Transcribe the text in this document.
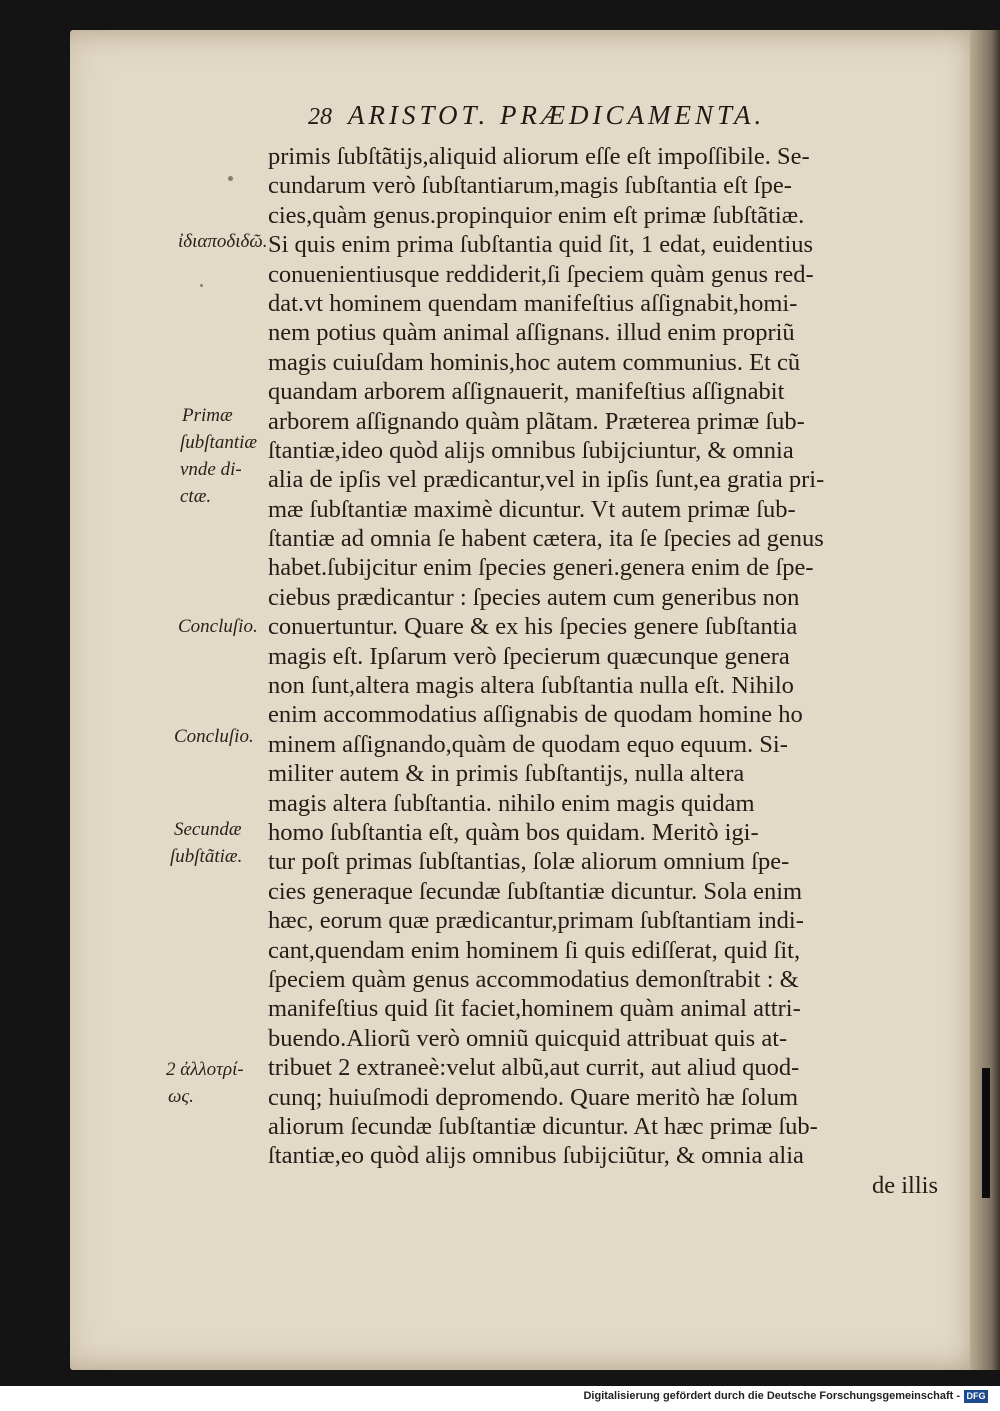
28 ARISTOT. PRÆDICAMENTA.
ἰδιαποδιδῶ.
Primæ
ſubſtantiæ
vnde di-
ctæ.
Concluſio.
Concluſio.
Secundæ
ſubſtãtiæ.
2 ἀλλοτρί-
ως.
primis ſubſtãtijs,aliquid aliorum eſſe eſt impoſſibile. Se-
cundarum verò ſubſtantiarum,magis ſubſtantia eſt ſpe-
cies,quàm genus.propinquior enim eſt primæ ſubſtãtiæ.
Si quis enim prima ſubſtantia quid ſit, 1 edat, euidentius
conuenientiusque reddiderit,ſi ſpeciem quàm genus red-
dat.vt hominem quendam manifeſtius aſſignabit,homi-
nem potius quàm animal aſſignans. illud enim propriũ
magis cuiuſdam hominis,hoc autem communius. Et cũ
quandam arborem aſſignauerit, manifeſtius aſſignabit
arborem aſſignando quàm plãtam. Præterea primæ ſub-
ſtantiæ,ideo quòd alijs omnibus ſubijciuntur, & omnia
alia de ipſis vel prædicantur,vel in ipſis ſunt,ea gratia pri-
mæ ſubſtantiæ maximè dicuntur. Vt autem primæ ſub-
ſtantiæ ad omnia ſe habent cætera, ita ſe ſpecies ad genus
habet.ſubijcitur enim ſpecies generi.genera enim de ſpe-
ciebus prædicantur : ſpecies autem cum generibus non
conuertuntur. Quare & ex his ſpecies genere ſubſtantia
magis eſt. Ipſarum verò ſpecierum quæcunque genera
non ſunt,altera magis altera ſubſtantia nulla eſt. Nihilo
enim accommodatius aſſignabis de quodam homine ho
minem aſſignando,quàm de quodam equo equum. Si-
militer autem & in primis ſubſtantijs, nulla altera
magis altera ſubſtantia. nihilo enim magis quidam
homo ſubſtantia eſt, quàm bos quidam. Meritò igi-
tur poſt primas ſubſtantias, ſolæ aliorum omnium ſpe-
cies generaque ſecundæ ſubſtantiæ dicuntur. Sola enim
hæc, eorum quæ prædicantur,primam ſubſtantiam indi-
cant,quendam enim hominem ſi quis ediſſerat, quid ſit,
ſpeciem quàm genus accommodatius demonſtrabit : &
manifeſtius quid ſit faciet,hominem quàm animal attri-
buendo.Aliorũ verò omniũ quicquid attribuat quis at-
tribuet 2 extraneè:velut albũ,aut currit, aut aliud quod-
cunq; huiuſmodi depromendo. Quare meritò hæ ſolum
aliorum ſecundæ ſubſtantiæ dicuntur. At hæc primæ ſub-
ſtantiæ,eo quòd alijs omnibus ſubijciũtur, & omnia alia
de illis
Digitalisierung gefördert durch die Deutsche Forschungsgemeinschaft - DFG
